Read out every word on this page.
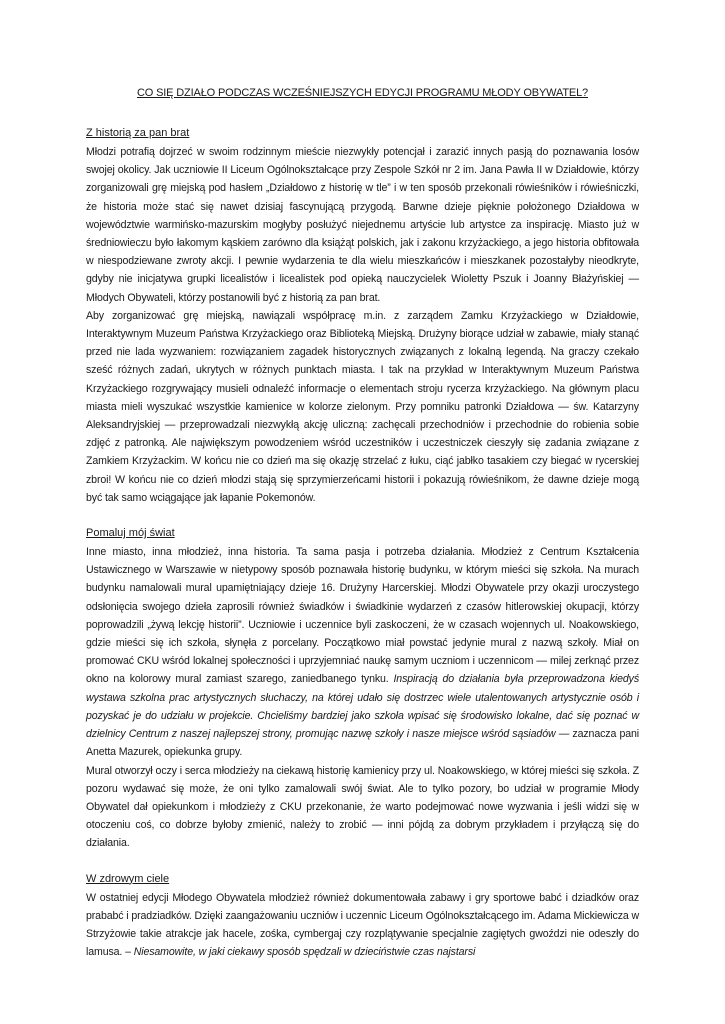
CO SIĘ DZIAŁO PODCZAS WCZEŚNIEJSZYCH EDYCJI PROGRAMU MŁODY OBYWATEL?
Z historią za pan brat

Młodzi potrafią dojrzeć w swoim rodzinnym mieście niezwykły potencjał i zarazić innych pasją do poznawania losów swojej okolicy. Jak uczniowie II Liceum Ogólnokształcące przy Zespole Szkół nr 2 im. Jana Pawła II w Działdowie, którzy zorganizowali grę miejską pod hasłem „Działdowo z historię w tle” i w ten sposób przekonali rówieśników i rówieśniczki, że historia może stać się nawet dzisiaj fascynującą przygodą. Barwne dzieje pięknie położonego Działdowa w województwie warmińsko-mazurskim mogłyby posłużyć niejednemu artyście lub artystce za inspirację. Miasto już w średniowieczu było łakomym kąskiem zarówno dla książąt polskich, jak i zakonu krzyżackiego, a jego historia obfitowała w niespodziewane zwroty akcji. I pewnie wydarzenia te dla wielu mieszkańców i mieszkanek pozostałyby nieodkryte, gdyby nie inicjatywa grupki licealistów i licealistek pod opieką nauczycielek Wioletty Pszuk i Joanny Błażyńskiej — Młodych Obywateli, którzy postanowili być z historią za pan brat.

Aby zorganizować grę miejską, nawiązali współpracę m.in. z zarządem Zamku Krzyżackiego w Działdowie, Interaktywnym Muzeum Państwa Krzyżackiego oraz Biblioteką Miejską. Drużyny biorące udział w zabawie, miały stanąć przed nie lada wyzwaniem: rozwiązaniem zagadek historycznych związanych z lokalną legendą. Na graczy czekało sześć różnych zadań, ukrytych w różnych punktach miasta. I tak na przykład w Interaktywnym Muzeum Państwa Krzyżackiego rozgrywający musieli odnaleźć informacje o elementach stroju rycerza krzyżackiego. Na głównym placu miasta mieli wyszukać wszystkie kamienice w kolorze zielonym. Przy pomniku patronki Działdowa — św. Katarzyny Aleksandryjskiej — przeprowadzali niezwykłą akcję uliczną: zachęcali przechodniów i przechodnie do robienia sobie zdjęć z patronką. Ale największym powodzeniem wśród uczestników i uczestniczek cieszyły się zadania związane z Zamkiem Krzyżackim. W końcu nie co dzień ma się okazję strzelać z łuku, ciąć jabłko tasakiem czy biegać w rycerskiej zbroi! W końcu nie co dzień młodzi stają się sprzymierzeńcami historii i pokazują rówieśnikom, że dawne dzieje mogą być tak samo wciągające jak łapanie Pokemonów.

Pomaluj mój świat

Inne miasto, inna młodzież, inna historia. Ta sama pasja i potrzeba działania. Młodzież z Centrum Kształcenia Ustawicznego w Warszawie w nietypowy sposób poznawała historię budynku, w którym mieści się szkoła. Na murach budynku namalowali mural upamiętniający dzieje 16. Drużyny Harcerskiej. Młodzi Obywatele przy okazji uroczystego odsłonięcia swojego dzieła zaprosili również świadków i świadkinie wydarzeń z czasów hitlerowskiej okupacji, którzy poprowadzili „żywą lekcję historii”. Uczniowie i uczennice byli zaskoczeni, że w czasach wojennych ul. Noakowskiego, gdzie mieści się ich szkoła, słynęła z porcelany. Początkowo miał powstać jedynie mural z nazwą szkoły. Miał on promować CKU wśród lokalnej społeczności i uprzyjemniać naukę samym uczniom i uczennicom — milej zerknąć przez okno na kolorowy mural zamiast szarego, zaniedbanego tynku. Inspiracją do działania była przeprowadzona kiedyś wystawa szkolna prac artystycznych słuchaczy, na której udało się dostrzec wiele utalentowanych artystycznie osób i pozyskać je do udziału w projekcie. Chcieliśmy bardziej jako szkoła wpisać się środowisko lokalne, dać się poznać w dzielnicy Centrum z naszej najlepszej strony, promując nazwę szkoły i nasze miejsce wśród sąsiadów — zaznacza pani Anetta Mazurek, opiekunka grupy.

Mural otworzył oczy i serca młodzieży na ciekawą historię kamienicy przy ul. Noakowskiego, w której mieści się szkoła. Z pozoru wydawać się może, że oni tylko zamalowali swój świat. Ale to tylko pozory, bo udział w programie Młody Obywatel dał opiekunkom i młodzieży z CKU przekonanie, że warto podejmować nowe wyzwania i jeśli widzi się w otoczeniu coś, co dobrze byłoby zmienić, należy to zrobić — inni pójdą za dobrym przykładem i przyłączą się do działania.

W zdrowym ciele

W ostatniej edycji Młodego Obywatela młodzież również dokumentowała zabawy i gry sportowe babć i dziadków oraz prababć i pradziadków. Dzięki zaangażowaniu uczniów i uczennic Liceum Ogólnokształcącego im. Adama Mickiewicza w Strzyżowie takie atrakcje jak hacele, zośka, cymbergaj czy rozplątywanie specjalnie zagiętych gwoździ nie odeszły do lamusa. – Niesamowite, w jaki ciekawy sposób spędzali w dzieciństwie czas najstarsi
